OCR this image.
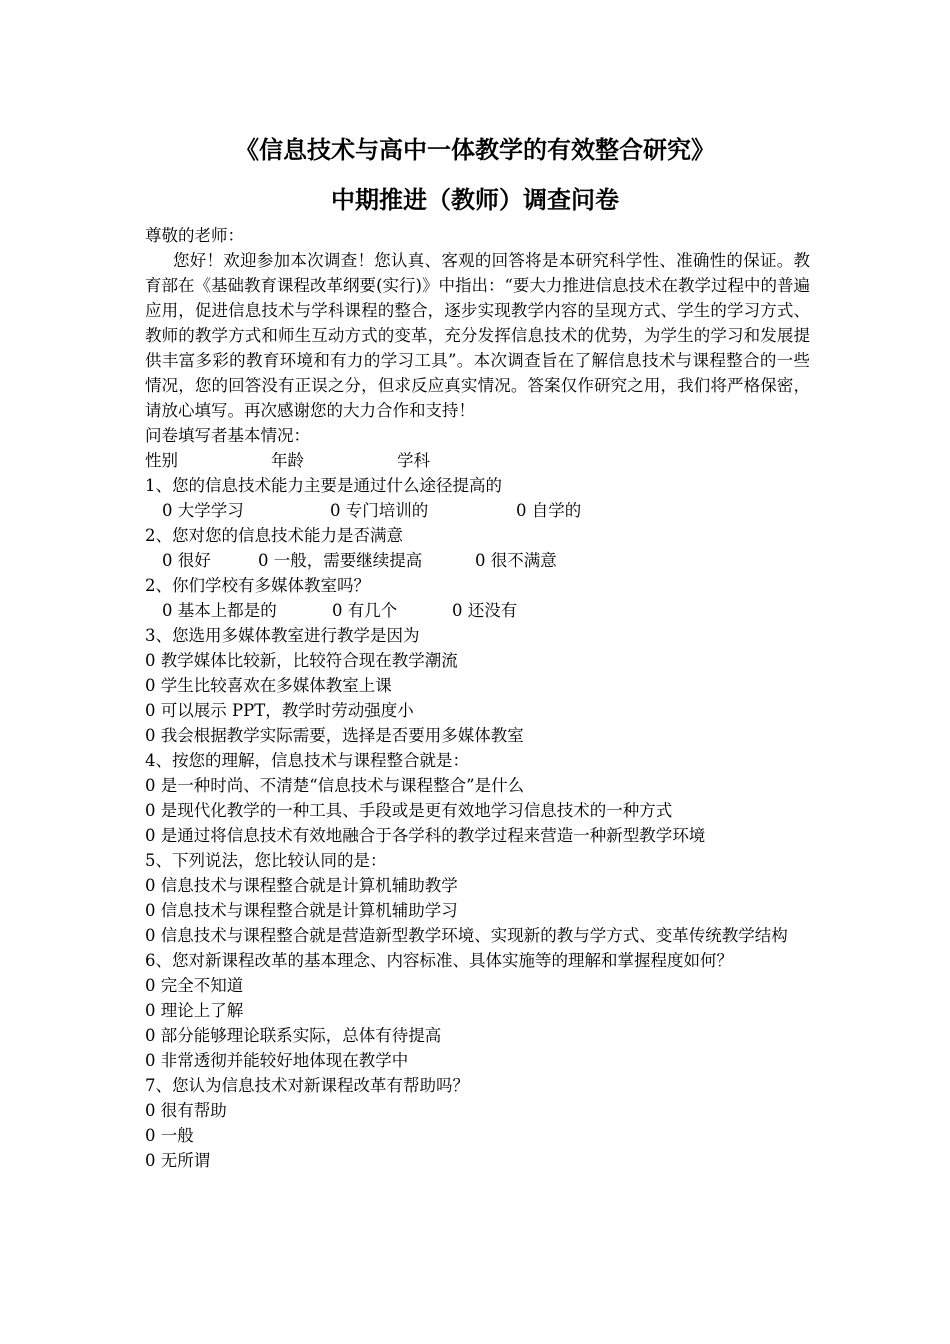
《信息技术与高中一体教学的有效整合研究》
中期推进（教师）调查问卷
尊敬的老师：
您好！欢迎参加本次调查！您认真、客观的回答将是本研究科学性、准确性的保证。教育部在《基础教育课程改革纲要(实行)》中指出：“要大力推进信息技术在教学过程中的普遍应用，促进信息技术与学科课程的整合，逐步实现教学内容的呈现方式、学生的学习方式、教师的教学方式和师生互动方式的变革，充分发挥信息技术的优势，为学生的学习和发展提供丰富多彩的教育环境和有力的学习工具”。本次调查旨在了解信息技术与课程整合的一些情况，您的回答没有正误之分，但求反应真实情况。答案仅作研究之用，我们将严格保密，请放心填写。再次感谢您的大力合作和支持！
问卷填写者基本情况：
性别	年龄	学科
1、您的信息技术能力主要是通过什么途径提高的
0 大学学习	0 专门培训的	0 自学的
2、您对您的信息技术能力是否满意
0 很好	0 一般，需要继续提高	0 很不满意
2、你们学校有多媒体教室吗？
0 基本上都是的	0 有几个	0 还没有
3、您选用多媒体教室进行教学是因为
0 教学媒体比较新，比较符合现在教学潮流
0 学生比较喜欢在多媒体教室上课
0 可以展示 PPT，教学时劳动强度小
0 我会根据教学实际需要，选择是否要用多媒体教室
4、按您的理解，信息技术与课程整合就是：
0 是一种时尚、不清楚“信息技术与课程整合”是什么
0 是现代化教学的一种工具、手段或是更有效地学习信息技术的一种方式
0 是通过将信息技术有效地融合于各学科的教学过程来营造一种新型教学环境
5、下列说法，您比较认同的是：
0 信息技术与课程整合就是计算机辅助教学
0 信息技术与课程整合就是计算机辅助学习
0 信息技术与课程整合就是营造新型教学环境、实现新的教与学方式、变革传统教学结构
6、您对新课程改革的基本理念、内容标准、具体实施等的理解和掌握程度如何？
0 完全不知道
0 理论上了解
0 部分能够理论联系实际，总体有待提高
0 非常透彻并能较好地体现在教学中
7、您认为信息技术对新课程改革有帮助吗？
0 很有帮助
0 一般
0 无所谓
